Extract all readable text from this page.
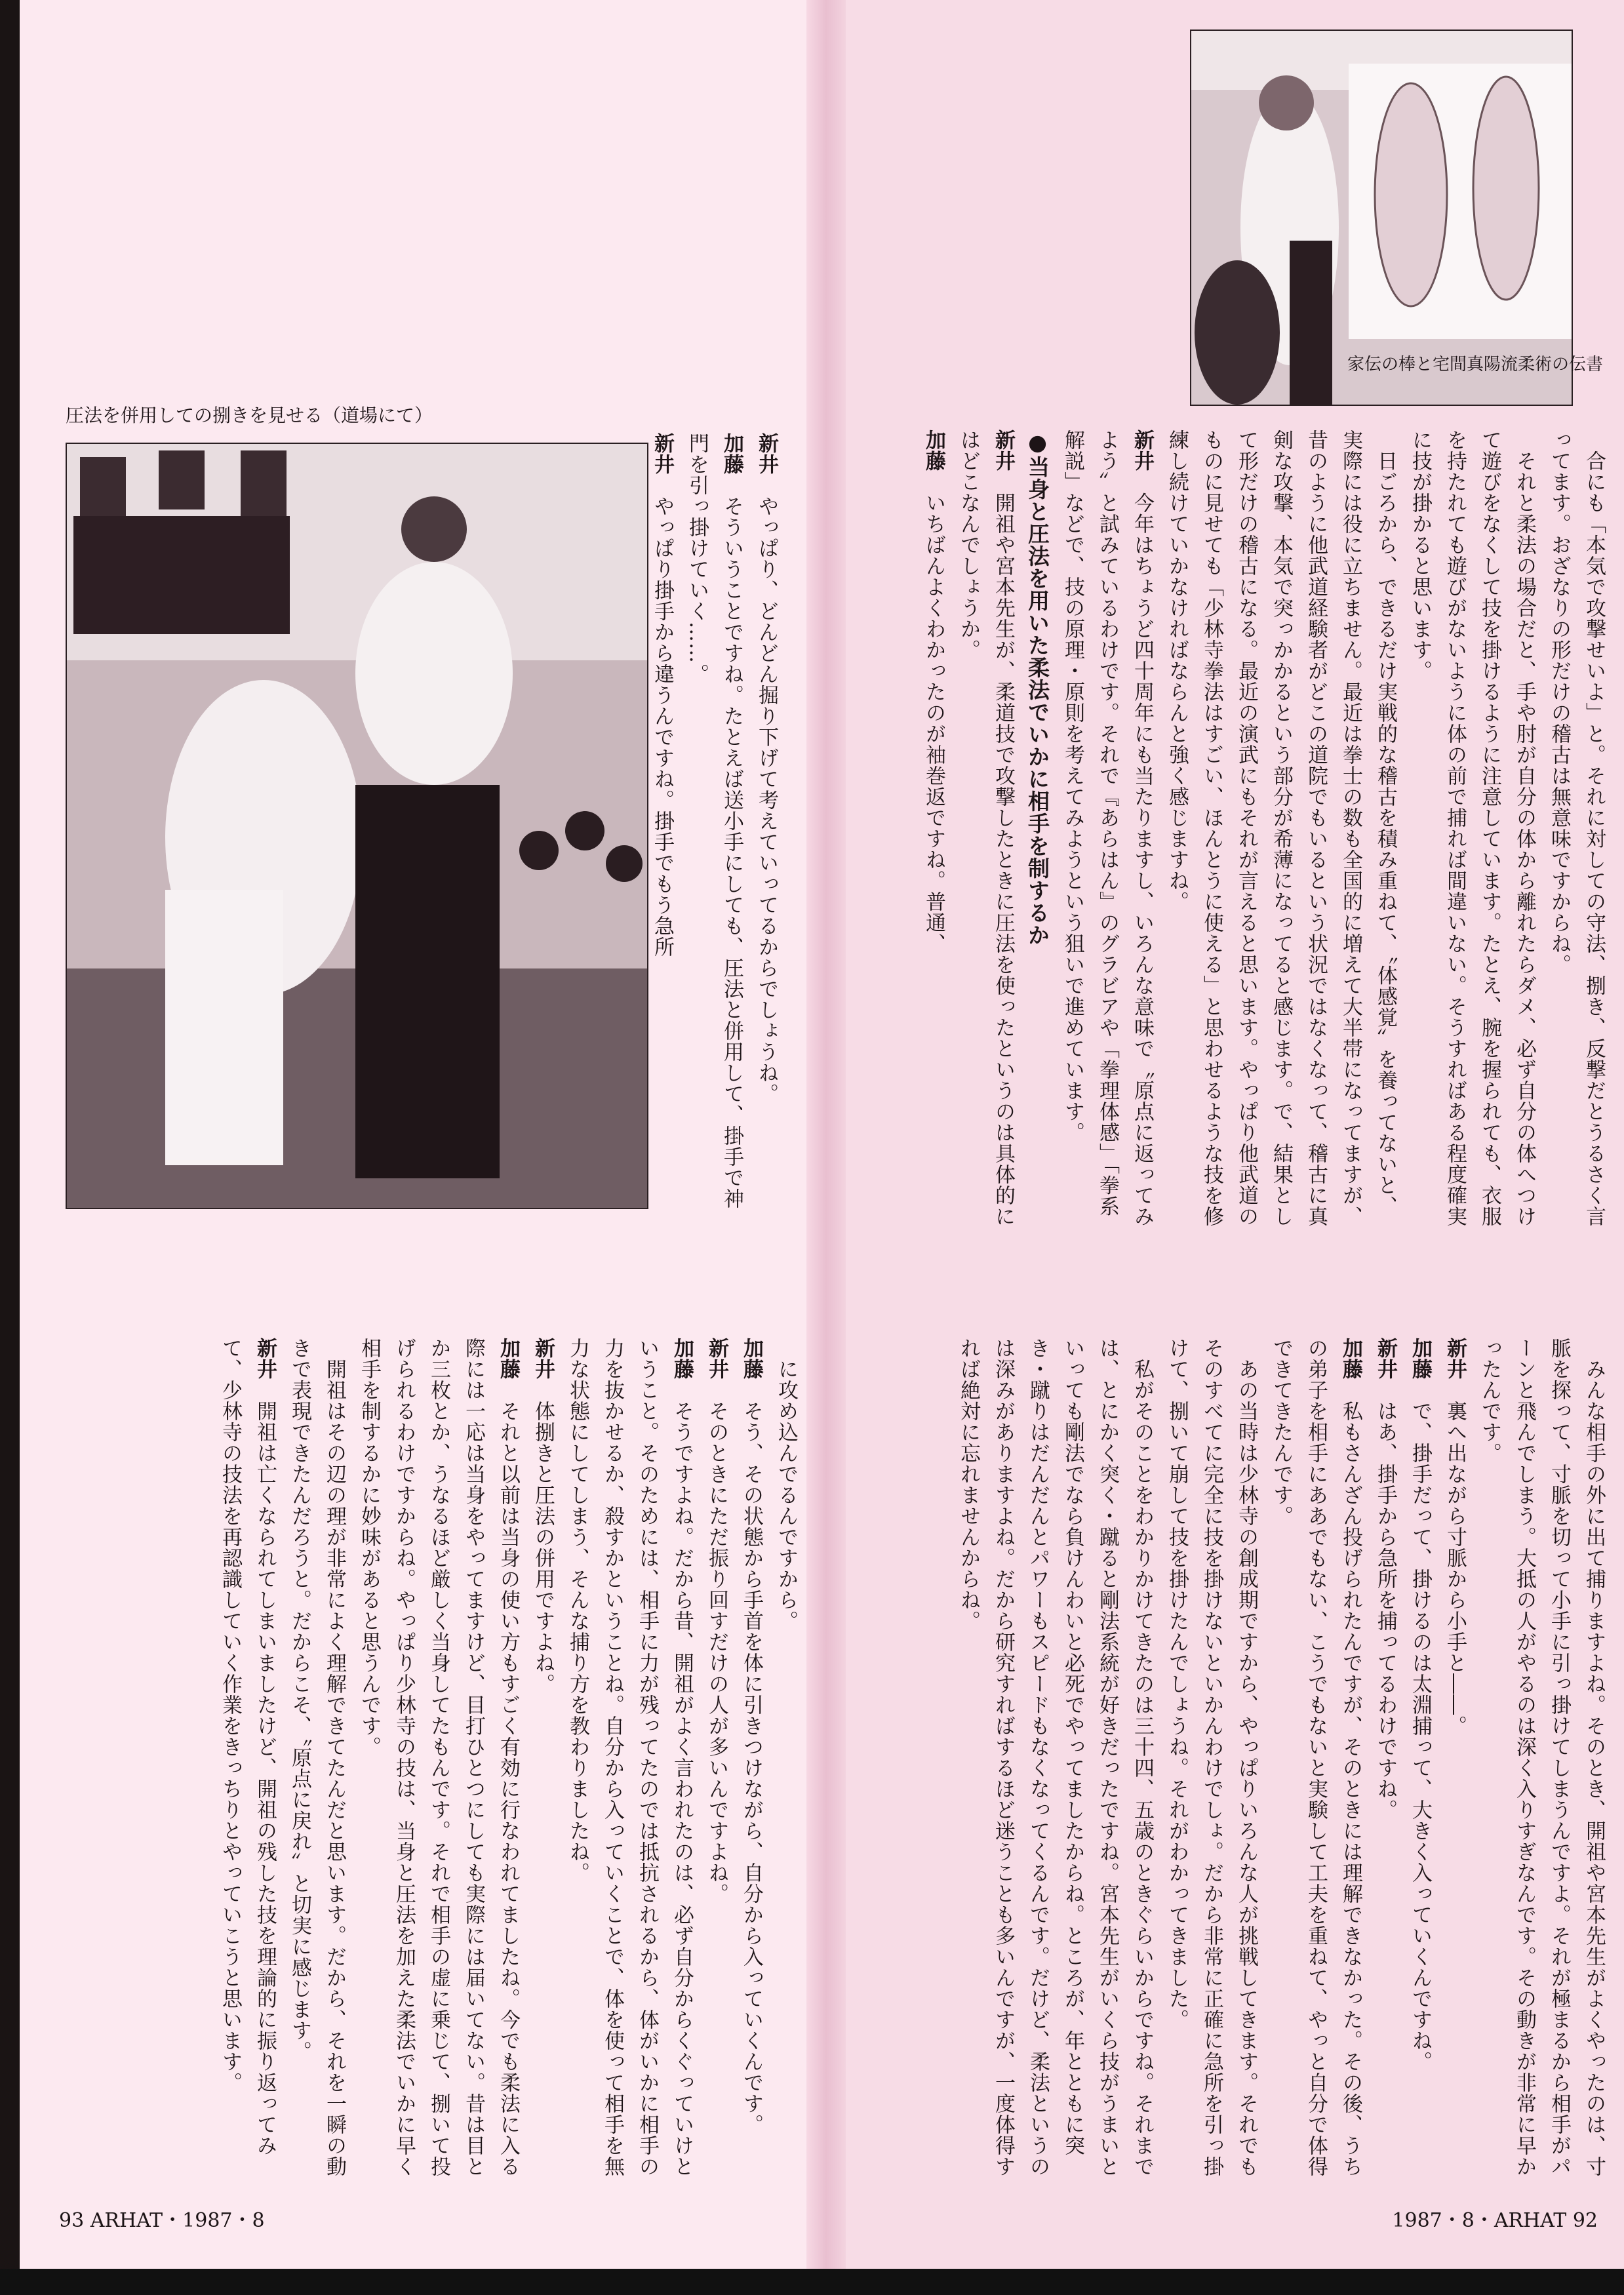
圧法を併用しての捌きを見せる（道場にて）

新井　やっぱり、どんどん掘り下げて考えていってるからでしょうね。

加藤　そういうことですね。たとえば送小手にしても、圧法と併用して、掛手で神門を引っ掛けていく……。

新井　やっぱり掛手から違うんですね。掛手でもう急所

　に攻め込んでるんですから。

加藤　そう、その状態から手首を体に引きつけながら、自分から入っていくんです。

新井　そのときにただ振り回すだけの人が多いんですよね。

加藤　そうですよね。だから昔、開祖がよく言われたのは、必ず自分からくぐっていけということ。そのためには、相手に力が残ってたのでは抵抗されるから、体がいかに相手の力を抜かせるか、殺すかということね。自分から入っていくことで、体を使って相手を無力な状態にしてしまう、そんな捕り方を教わりましたね。

新井　体捌きと圧法の併用ですよね。

加藤　それと以前は当身の使い方もすごく有効に行なわれてましたね。今でも柔法に入る際には一応は当身をやってますけど、目打ひとつにしても実際には届いてない。昔は目とか三枚とか、うなるほど厳しく当身してたもんです。それで相手の虚に乗じて、捌いて投げられるわけですからね。やっぱり少林寺の技は、当身と圧法を加えた柔法でいかに早く相手を制するかに妙味があると思うんです。

　開祖はその辺の理が非常によく理解できてたんだと思います。だから、それを一瞬の動きで表現できたんだろうと。だからこそ、〝原点に戻れ〟と切実に感じます。

新井　開祖は亡くなられてしまいましたけど、開祖の残した技を理論的に振り返ってみて、少林寺の技法を再認識していく作業をきっちりとやっていこうと思います。

93 ARHAT・1987・8
家伝の棒と宅間真陽流柔術の伝書

　合にも「本気で攻撃せいよ」と。それに対しての守法、捌き、反撃だとうるさく言ってます。おざなりの形だけの稽古は無意味ですからね。

　それと柔法の場合だと、手や肘が自分の体から離れたらダメ、必ず自分の体へつけて遊びをなくして技を掛けるように注意しています。たとえ、腕を握られても、衣服を持たれても遊びがないように体の前で捕れば間違いない。そうすればある程度確実に技が掛かると思います。

　日ごろから、できるだけ実戦的な稽古を積み重ねて、〝体感覚〟を養ってないと、実際には役に立ちません。最近は拳士の数も全国的に増えて大半帯になってますが、昔のように他武道経験者がどこの道院でもいるという状況ではなくなって、稽古に真剣な攻撃、本気で突っかかるという部分が希薄になってると感じます。で、結果として形だけの稽古になる。最近の演武にもそれが言えると思います。やっぱり他武道のものに見せても「少林寺拳法はすごい、ほんとうに使える」と思わせるような技を修練し続けていかなければならんと強く感じますね。

新井　今年はちょうど四十周年にも当たりますし、いろんな意味で〝原点に返ってみよう〟と試みているわけです。それで『あらはん』のグラビアや「拳理体感」「拳系解説」などで、技の原理・原則を考えてみようという狙いで進めています。

●当身と圧法を用いた柔法でいかに相手を制するか

新井　開祖や宮本先生が、柔道技で攻撃したときに圧法を使ったというのは具体的にはどこなんでしょうか。

加藤　いちばんよくわかったのが袖巻返ですね。普通、

　みんな相手の外に出て捕りますよね。そのとき、開祖や宮本先生がよくやったのは、寸脈を探って、寸脈を切って小手に引っ掛けてしまうんですよ。それが極まるから相手がパーンと飛んでしまう。大抵の人がやるのは深く入りすぎなんです。その動きが非常に早かったんです。

新井　裏へ出ながら寸脈から小手と――。

加藤　で、掛手だって、掛けるのは太淵捕って、大きく入っていくんですね。

新井　はあ、掛手から急所を捕ってるわけですね。

加藤　私もさんざん投げられたんですが、そのときには理解できなかった。その後、うちの弟子を相手にああでもない、こうでもないと実験して工夫を重ねて、やっと自分で体得できてきたんです。

　あの当時は少林寺の創成期ですから、やっぱりいろんな人が挑戦してきます。それでもそのすべてに完全に技を掛けないといかんわけでしょ。だから非常に正確に急所を引っ掛けて、捌いて崩して技を掛けたんでしょうね。それがわかってきました。

　私がそのことをわかりかけてきたのは三十四、五歳のときぐらいからですね。それまでは、とにかく突く・蹴ると剛法系統が好きだったですね。宮本先生がいくら技がうまいといっても剛法でなら負けんわいと必死でやってましたからね。ところが、年とともに突き・蹴りはだんだんとパワーもスピードもなくなってくるんです。だけど、柔法というのは深みがありますよね。だから研究すればするほど迷うことも多いんですが、一度体得すれば絶対に忘れませんからね。

1987・8・ARHAT 92
